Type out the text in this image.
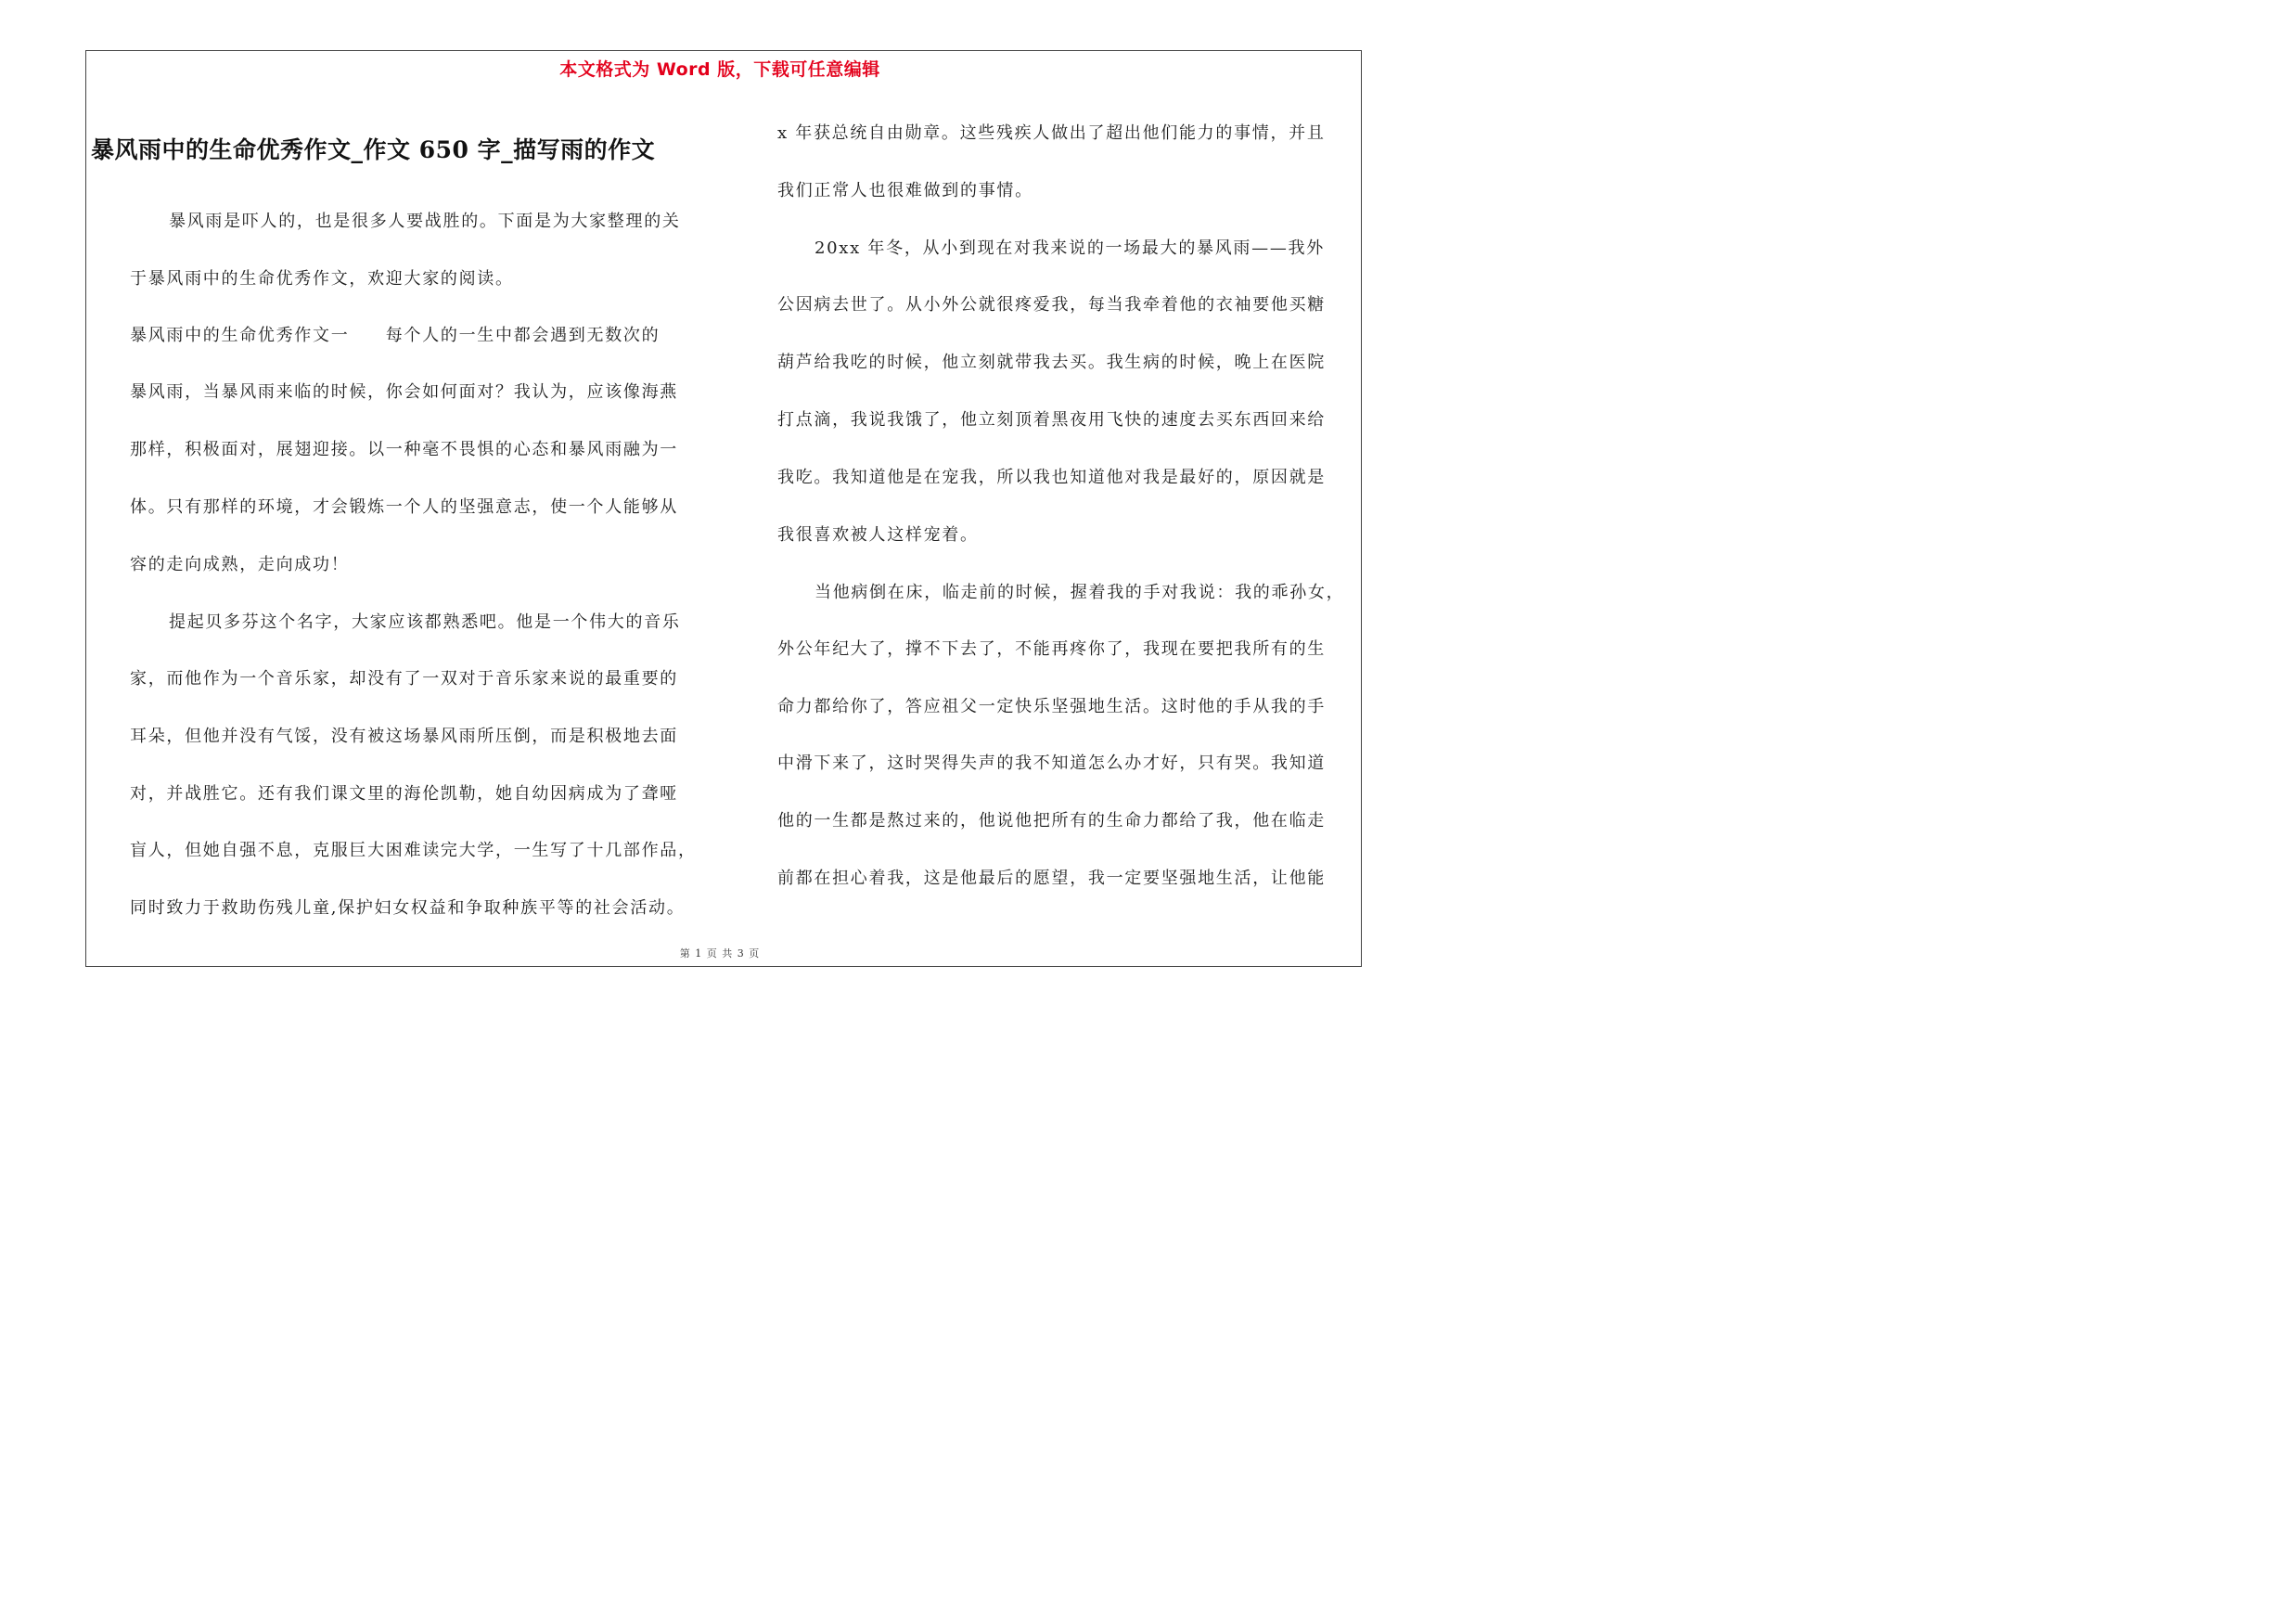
本文格式为 Word 版，下载可任意编辑
暴风雨中的生命优秀作文_作文 650 字_描写雨的作文
暴风雨是吓人的，也是很多人要战胜的。下面是为大家整理的关
于暴风雨中的生命优秀作文，欢迎大家的阅读。
暴风雨中的生命优秀作文一　　每个人的一生中都会遇到无数次的
暴风雨，当暴风雨来临的时候，你会如何面对？我认为，应该像海燕
那样，积极面对，展翅迎接。以一种毫不畏惧的心态和暴风雨融为一
体。只有那样的环境，才会锻炼一个人的坚强意志，使一个人能够从
容的走向成熟，走向成功！
提起贝多芬这个名字，大家应该都熟悉吧。他是一个伟大的音乐
家，而他作为一个音乐家，却没有了一双对于音乐家来说的最重要的
耳朵，但他并没有气馁，没有被这场暴风雨所压倒，而是积极地去面
对，并战胜它。还有我们课文里的海伦凯勒，她自幼因病成为了聋哑
盲人，但她自强不息，克服巨大困难读完大学，一生写了十几部作品，
同时致力于救助伤残儿童,保护妇女权益和争取种族平等的社会活动。
x 年获总统自由勋章。这些残疾人做出了超出他们能力的事情，并且
我们正常人也很难做到的事情。
20xx 年冬，从小到现在对我来说的一场最大的暴风雨——我外
公因病去世了。从小外公就很疼爱我，每当我牵着他的衣袖要他买糖
葫芦给我吃的时候，他立刻就带我去买。我生病的时候，晚上在医院
打点滴，我说我饿了，他立刻顶着黑夜用飞快的速度去买东西回来给
我吃。我知道他是在宠我，所以我也知道他对我是最好的，原因就是
我很喜欢被人这样宠着。
当他病倒在床，临走前的时候，握着我的手对我说：我的乖孙女，
外公年纪大了，撑不下去了，不能再疼你了，我现在要把我所有的生
命力都给你了，答应祖父一定快乐坚强地生活。这时他的手从我的手
中滑下来了，这时哭得失声的我不知道怎么办才好，只有哭。我知道
他的一生都是熬过来的，他说他把所有的生命力都给了我，他在临走
前都在担心着我，这是他最后的愿望，我一定要坚强地生活，让他能
第 1 页 共 3 页
